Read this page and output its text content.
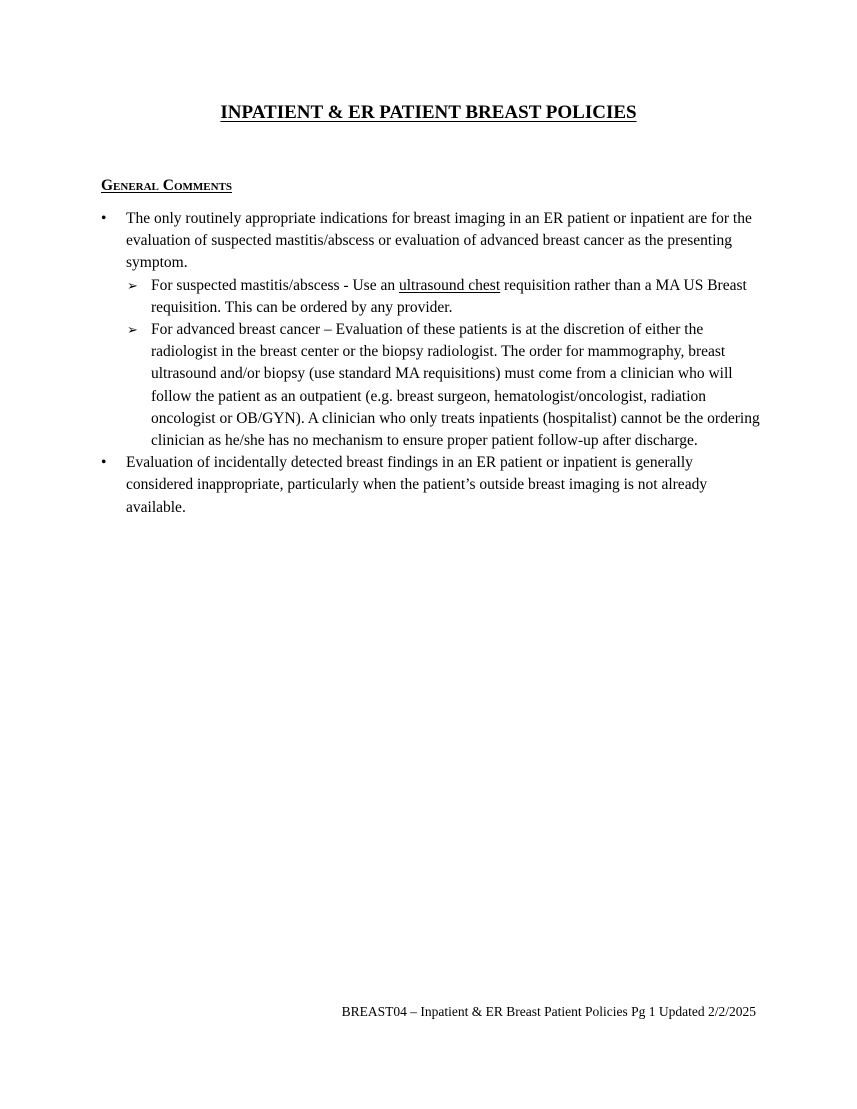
INPATIENT & ER PATIENT BREAST POLICIES
General Comments
•	The only routinely appropriate indications for breast imaging in an ER patient or inpatient are for the evaluation of suspected mastitis/abscess or evaluation of advanced breast cancer as the presenting symptom.
➢ For suspected mastitis/abscess - Use an ultrasound chest requisition rather than a MA US Breast requisition. This can be ordered by any provider.
➢ For advanced breast cancer – Evaluation of these patients is at the discretion of either the radiologist in the breast center or the biopsy radiologist. The order for mammography, breast ultrasound and/or biopsy (use standard MA requisitions) must come from a clinician who will follow the patient as an outpatient (e.g. breast surgeon, hematologist/oncologist, radiation oncologist or OB/GYN). A clinician who only treats inpatients (hospitalist) cannot be the ordering clinician as he/she has no mechanism to ensure proper patient follow-up after discharge.
•	Evaluation of incidentally detected breast findings in an ER patient or inpatient is generally considered inappropriate, particularly when the patient’s outside breast imaging is not already available.
BREAST04 – Inpatient & ER Breast Patient Policies Pg 1 Updated 2/2/2025
